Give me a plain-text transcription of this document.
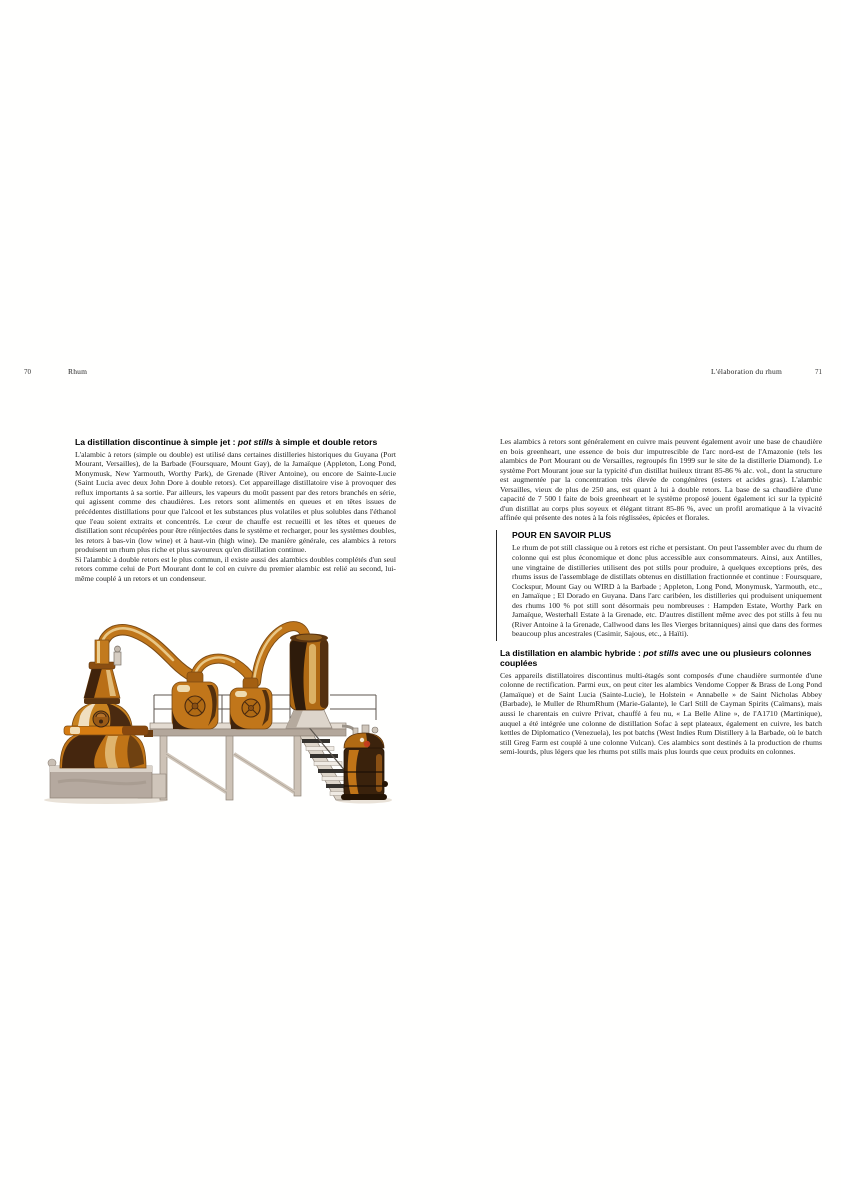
70	Rhum	L'élaboration du rhum	71
La distillation discontinue à simple jet : pot stills à simple et double retors

L'alambic à retors (simple ou double) est utilisé dans certaines distilleries historiques du Guyana (Port Mourant, Versailles), de la Barbade (Foursquare, Mount Gay), de la Jamaïque (Appleton, Long Pond, Monymusk, New Yarmouth, Worthy Park), de Grenade (River Antoine), ou encore de Sainte-Lucie (Saint Lucia avec deux John Dore à double retors). Cet appareillage distillatoire vise à provoquer des reflux importants à sa sortie. Par ailleurs, les vapeurs du moût passent par des retors branchés en série, qui agissent comme des chaudières. Les retors sont alimentés en queues et en têtes issues de précédentes distillations pour que l'alcool et les substances plus volatiles et plus solubles dans l'éthanol que l'eau soient extraits et concentrés. Le cœur de chauffe est recueilli et les têtes et queues de distillation sont récupérées pour être réinjectées dans le système et recharger, pour les systèmes doubles, les retors à bas-vin (low wine) et à haut-vin (high wine). De manière générale, ces alambics à retors produisent un rhum plus riche et plus savoureux qu'en distillation continue.

Si l'alambic à double retors est le plus commun, il existe aussi des alambics doubles complétés d'un seul retors comme celui de Port Mourant dont le col en cuivre du premier alambic est relié au second, lui-même couplé à un retors et un condenseur.

Les alambics à retors sont généralement en cuivre mais peuvent également avoir une base de chaudière en bois greenheart, une essence de bois dur imputrescible de l'arc nord-est de l'Amazonie (tels les alambics de Port Mourant ou de Versailles, regroupés fin 1999 sur le site de la distillerie Diamond). Le système Port Mourant joue sur la typicité d'un distillat huileux titrant 85-86 % alc. vol., dont la structure est augmentée par la concentration très élevée de congénères (esters et acides gras). L'alambic Versailles, vieux de plus de 250 ans, est quant à lui à double retors. La base de sa chaudière d'une capacité de 7 500 l faite de bois greenheart et le système proposé jouent également ici sur la typicité d'un distillat au corps plus soyeux et élégant titrant 85-86 %, avec un profil aromatique à la vivacité affinée qui présente des notes à la fois réglissées, épicées et florales.

POUR EN SAVOIR PLUS

Le rhum de pot still classique ou à retors est riche et persistant. On peut l'assembler avec du rhum de colonne qui est plus économique et donc plus accessible aux consommateurs. Ainsi, aux Antilles, une vingtaine de distilleries utilisent des pot stills pour produire, à quelques exceptions près, des rhums issus de l'assemblage de distillats obtenus en distillation fractionnée et continue : Foursquare, Cockspur, Mount Gay ou WIRD à la Barbade ; Appleton, Long Pond, Monymusk, Yarmouth, etc., en Jamaïque ; El Dorado en Guyana. Dans l'arc caribéen, les distilleries qui produisent uniquement des rhums 100 % pot still sont désormais peu nombreuses : Hampden Estate, Worthy Park en Jamaïque, Westerhall Estate à la Grenade, etc. D'autres distillent même avec des pot stills à feu nu (River Antoine à la Grenade, Callwood dans les îles Vierges britanniques) ainsi que dans des formes beaucoup plus ancestrales (Casimir, Sajous, etc., à Haïti).

La distillation en alambic hybride : pot stills avec une ou plusieurs colonnes couplées

Ces appareils distillatoires discontinus multi-étagés sont composés d'une chaudière surmontée d'une colonne de rectification. Parmi eux, on peut citer les alambics Vendome Copper & Brass de Long Pond (Jamaïque) et de Saint Lucia (Sainte-Lucie), le Holstein « Annabelle » de Saint Nicholas Abbey (Barbade), le Muller de RhumRhum (Marie-Galante), le Carl Still de Cayman Spirits (Caïmans), mais aussi le charentais en cuivre Privat, chauffé à feu nu, « La Belle Aline », de l'A1710 (Martinique), auquel a été intégrée une colonne de distillation Sofac à sept plateaux, également en cuivre, les batch kettles de Diplomatico (Venezuela), les pot batchs (West Indies Rum Distillery à la Barbade, où le batch still Greg Farm est couplé à une colonne Vulcan). Ces alambics sont destinés à la production de rhums semi-lourds, plus légers que les rhums pot stills mais plus lourds que ceux produits en colonnes.
